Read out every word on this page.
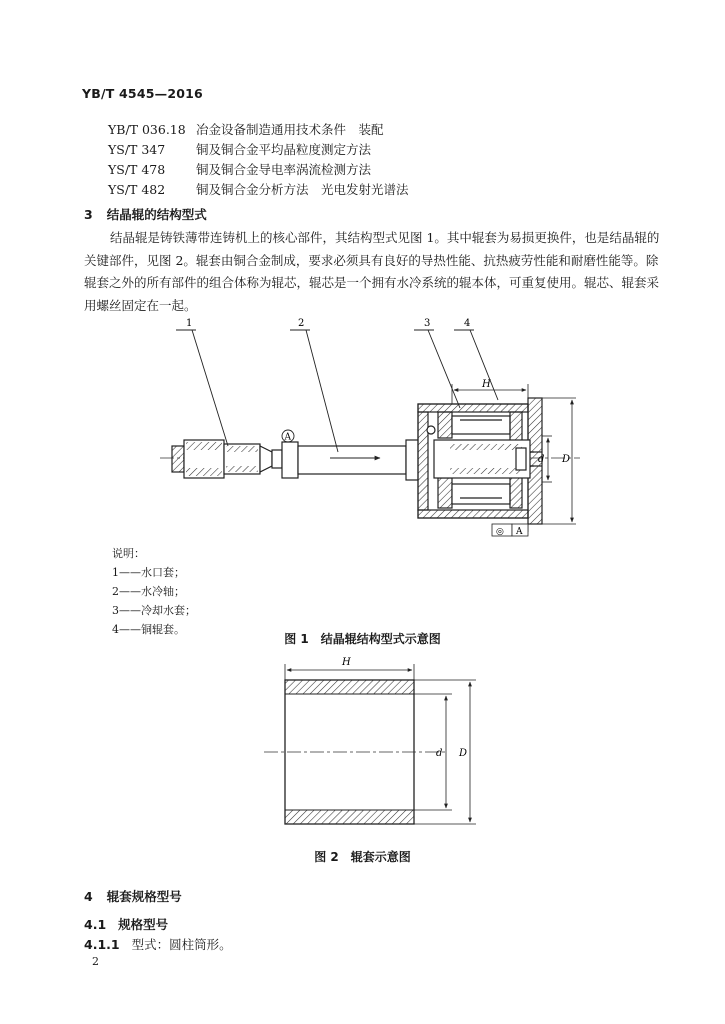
YB/T 4545—2016
YB/T 036.18 冶金设备制造通用技术条件　装配
YS/T 347 铜及铜合金平均晶粒度测定方法
YS/T 478 铜及铜合金导电率涡流检测方法
YS/T 482 铜及铜合金分析方法　光电发射光谱法
3 结晶辊的结构型式
结晶辊是铸铁薄带连铸机上的核心部件，其结构型式见图 1。其中辊套为易损更换件，也是结晶辊的
关键部件，见图 2。辊套由铜合金制成，要求必须具有良好的导热性能、抗热疲劳性能和耐磨性能等。除
辊套之外的所有部件的组合体称为辊芯，辊芯是一个拥有水冷系统的辊本体，可重复使用。辊芯、辊套采
用螺丝固定在一起。
H
d D
A
◎ A
1	2	3	4
说明：
1——水口套；
2——水冷轴；
3——冷却水套；
4——铜辊套。
图 1　结晶辊结构型式示意图
H
d D
图 2　辊套示意图
4 辊套规格型号
4.1 规格型号
4.1.1 型式：圆柱筒形。
2
